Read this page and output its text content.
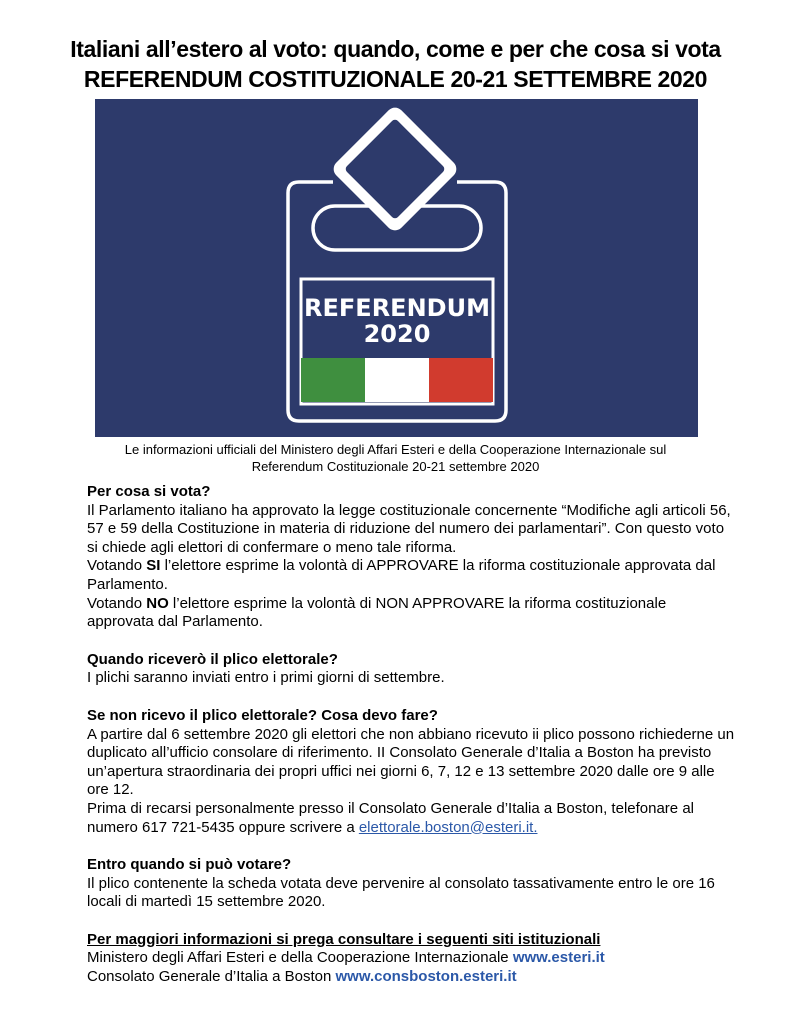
Italiani all’estero al voto: quando, come e per che cosa si vota
REFERENDUM COSTITUZIONALE 20-21 SETTEMBRE 2020
REFERENDUM
2020
Le informazioni ufficiali del Ministero degli Affari Esteri e della Cooperazione Internazionale sul
Referendum Costituzionale 20-21 settembre 2020

Per cosa si vota?

Il Parlamento italiano ha approvato la legge costituzionale concernente “Modifiche agli articoli 56, 57 e 59 della Costituzione in materia di riduzione del numero dei parlamentari”. Con questo voto si chiede agli elettori di confermare o meno tale riforma.

Votando SI l’elettore esprime la volontà di APPROVARE la riforma costituzionale approvata dal Parlamento.

Votando NO l’elettore esprime la volontà di NON APPROVARE la riforma costituzionale approvata dal Parlamento.

Quando riceverò il plico elettorale?

I plichi saranno inviati entro i primi giorni di settembre.

Se non ricevo il plico elettorale? Cosa devo fare?

A partire dal 6 settembre 2020 gli elettori che non abbiano ricevuto ii plico possono richiederne un duplicato all’ufficio consolare di riferimento. II Consolato Generale d’Italia a Boston ha previsto un’apertura straordinaria dei propri uffici nei giorni 6, 7, 12 e 13 settembre 2020 dalle ore 9 alle ore 12.

Prima di recarsi personalmente presso il Consolato Generale d’Italia a Boston, telefonare al numero 617 721-5435 oppure scrivere a elettorale.boston@esteri.it.

Entro quando si può votare?

Il plico contenente la scheda votata deve pervenire al consolato tassativamente entro le ore 16 locali di martedì 15 settembre 2020.

Per maggiori informazioni si prega consultare i seguenti siti istituzionali

Ministero degli Affari Esteri e della Cooperazione Internazionale www.esteri.it

Consolato Generale d’Italia a Boston www.consboston.esteri.it
